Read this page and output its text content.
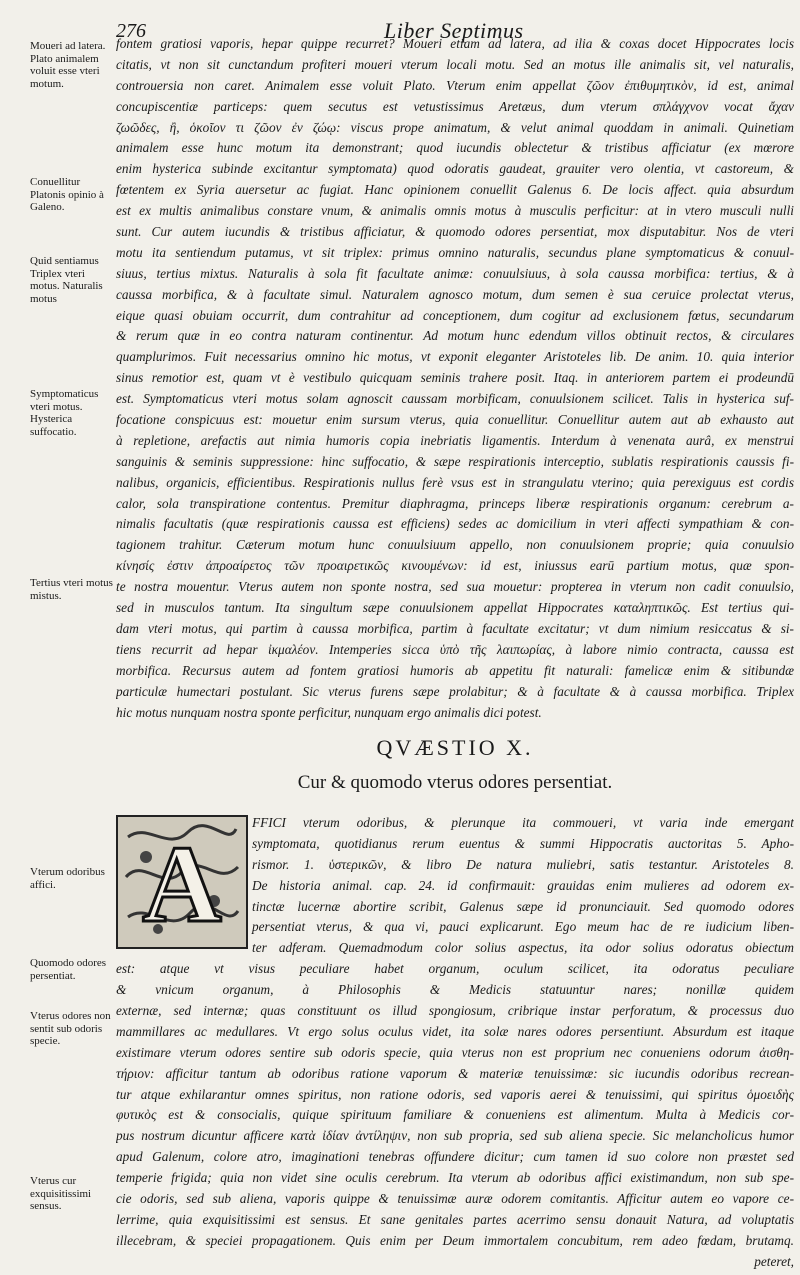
276	Liber Septimus
Moueri ad latera. Plato animalem voluit esse vteri motum.
Conuellitur Platonis opinio à Galeno.
Quid sentiamus Triplex vteri motus. Naturalis motus
Symptomaticus vteri motus. Hysterica suffocatio.
Tertius vteri motus mistus.
Vterum odoribus affici.
Quomodo odores persentiat.
Vterus odores non sentit sub odoris specie.
Vterus cur exquisitissimi sensus.
fontem gratiosi vaporis, hepar quippe recurret? Moueri etiam ad latera, ad ilia & coxas docet Hippocrates locis
citatis, vt non sit cunctandum profiteri moueri vterum locali motu. Sed an motus ille animalis sit, vel naturalis,
controuersia non caret. Animalem esse voluit Plato. Vterum enim appellat ζῶον ἐπιθυμητικὸν, id est, animal
concupiscentiæ particeps: quem secutus est vetustissimus Aretæus, dum vterum σπλάγχνον vocat ἄχαν
ζωῶδες, ἢ, ὁκοῖον τι ζῶον ἐν ζώῳ: viscus prope animatum, & velut animal quoddam in animali. Quinetiam
animalem esse hunc motum ita demonstrant; quod iucundis oblectetur & tristibus afficiatur (ex mœrore
enim hysterica subinde excitantur symptomata) quod odoratis gaudeat, grauiter vero olentia, vt castoreum, &
fœtentem ex Syria auersetur ac fugiat. Hanc opinionem conuellit Galenus 6. De locis affect. quia absurdum
est ex multis animalibus constare vnum, & animalis omnis motus à musculis perficitur: at in vtero musculi nulli
sunt. Cur autem iucundis & tristibus afficiatur, & quomodo odores persentiat, mox disputabitur. Nos de vteri
motu ita sentiendum putamus, vt sit triplex: primus omnino naturalis, secundus plane symptomaticus & conuul-
siuus, tertius mixtus. Naturalis à sola fit facultate animæ: conuulsiuus, à sola caussa morbifica: tertius, & à
caussa morbifica, & à facultate simul. Naturalem agnosco motum, dum semen è sua ceruice prolectat vterus,
eique quasi obuiam occurrit, dum contrahitur ad conceptionem, dum cogitur ad exclusionem fœtus, secundarum
& rerum quæ in eo contra naturam continentur. Ad motum hunc edendum villos obtinuit rectos, & circulares
quamplurimos. Fuit necessarius omnino hic motus, vt exponit eleganter Aristoteles lib. De anim. 10. quia interior
sinus remotior est, quam vt è vestibulo quicquam seminis trahere posit. Itaq. in anteriorem partem ei prodeundū
est. Symptomaticus vteri motus solam agnoscit caussam morbificam, conuulsionem scilicet. Talis in hysterica suf-
focatione conspicuus est: mouetur enim sursum vterus, quia conuellitur. Conuellitur autem aut ab exhausto aut
à repletione, arefactis aut nimia humoris copia inebriatis ligamentis. Interdum à venenata aurâ, ex menstrui
sanguinis & seminis suppressione: hinc suffocatio, & sæpe respirationis interceptio, sublatis respirationis caussis fi-
nalibus, organicis, efficientibus. Respirationis nullus ferè vsus est in strangulatu vterino; quia perexiguus est cordis
calor, sola transpiratione contentus. Premitur diaphragma, princeps liberæ respirationis organum: cerebrum a-
nimalis facultatis (quæ respirationis caussa est efficiens) sedes ac domicilium in vteri affecti sympathiam & con-
tagionem trahitur. Cæterum motum hunc conuulsiuum appello, non conuulsionem proprie; quia conuulsio
κίνησίς ἐστιν ἀπροαίρετος τῶν προαιρετικῶς κινουμένων: id est, iniussus earū partium motus, quæ spon-
te nostra mouentur. Vterus autem non sponte nostra, sed sua mouetur: propterea in vterum non cadit conuulsio,
sed in musculos tantum. Ita singultum sæpe conuulsionem appellat Hippocrates καταληπτικῶς. Est tertius qui-
dam vteri motus, qui partim à caussa morbifica, partim à facultate excitatur; vt dum nimium resiccatus & si-
tiens recurrit ad hepar ἰκμαλέον. Intemperies sicca ὑπὸ τῆς λαιπωρίας, à labore nimio contracta, caussa est
morbifica. Recursus autem ad fontem gratiosi humoris ab appetitu fit naturali: famelicæ enim & sitibundæ
particulæ humectari postulant. Sic vterus furens sæpe prolabitur; & à facultate & à caussa morbifica. Triplex
hic motus nunquam nostra sponte perficitur, nunquam ergo animalis dici potest.
QVÆSTIO X.
Cur & quomodo vterus odores persentiat.
A
FFICI vterum odoribus, & plerunque ita commoueri, vt varia inde emergant
symptomata, quotidianus rerum euentus & summi Hippocratis auctoritas 5. Apho-
rismor. 1. ὑστερικῶν, & libro De natura muliebri, satis testantur. Aristoteles 8.
De historia animal. cap. 24. id confirmauit: grauidas enim mulieres ad odorem ex-
tinctæ lucernæ abortire scribit, Galenus sæpe id pronunciauit. Sed quomodo odores
persentiat vterus, & qua vi, pauci explicarunt. Ego meum hac de re iudicium liben-
ter adferam. Quemadmodum color solius aspectus, ita odor solius odoratus obiectum
est: atque vt visus peculiare habet organum, oculum scilicet, ita odoratus peculiare
& vnicum organum, à Philosophis & Medicis statuuntur nares; nonillæ quidem
externæ, sed internæ; quas constituunt os illud spongiosum, cribrique instar perforatum, & processus duo
mammillares ac medullares. Vt ergo solus oculus videt, ita solæ nares odores persentiunt. Absurdum est itaque
existimare vterum odores sentire sub odoris specie, quia vterus non est proprium nec conueniens odorum ἀισθη-
τήριον: afficitur tantum ab odoribus ratione vaporum & materiæ tenuissimæ: sic iucundis odoribus recrean-
tur atque exhilarantur omnes spiritus, non ratione odoris, sed vaporis aerei & tenuissimi, qui spiritus ὁμοειδὴς
φυτικὸς est & consocialis, quique spirituum familiare & conueniens est alimentum. Multa à Medicis cor-
pus nostrum dicuntur afficere κατὰ ἰδίαν ἀντίληψιν, non sub propria, sed sub aliena specie. Sic melancholicus humor
apud Galenum, colore atro, imaginationi tenebras offundere dicitur; cum tamen id suo colore non præstet sed
temperie frigida; quia non videt sine oculis cerebrum. Ita vterum ab odoribus affici existimandum, non sub spe-
cie odoris, sed sub aliena, vaporis quippe & tenuissimæ auræ odorem comitantis. Afficitur autem eo vapore ce-
lerrime, quia exquisitissimi est sensus. Et sane genitales partes acerrimo sensu donauit Natura, ad voluptatis
illecebram, & speciei propagationem. Quis enim per Deum immortalem concubitum, rem adeo fœdam, brutamq.
peteret,
